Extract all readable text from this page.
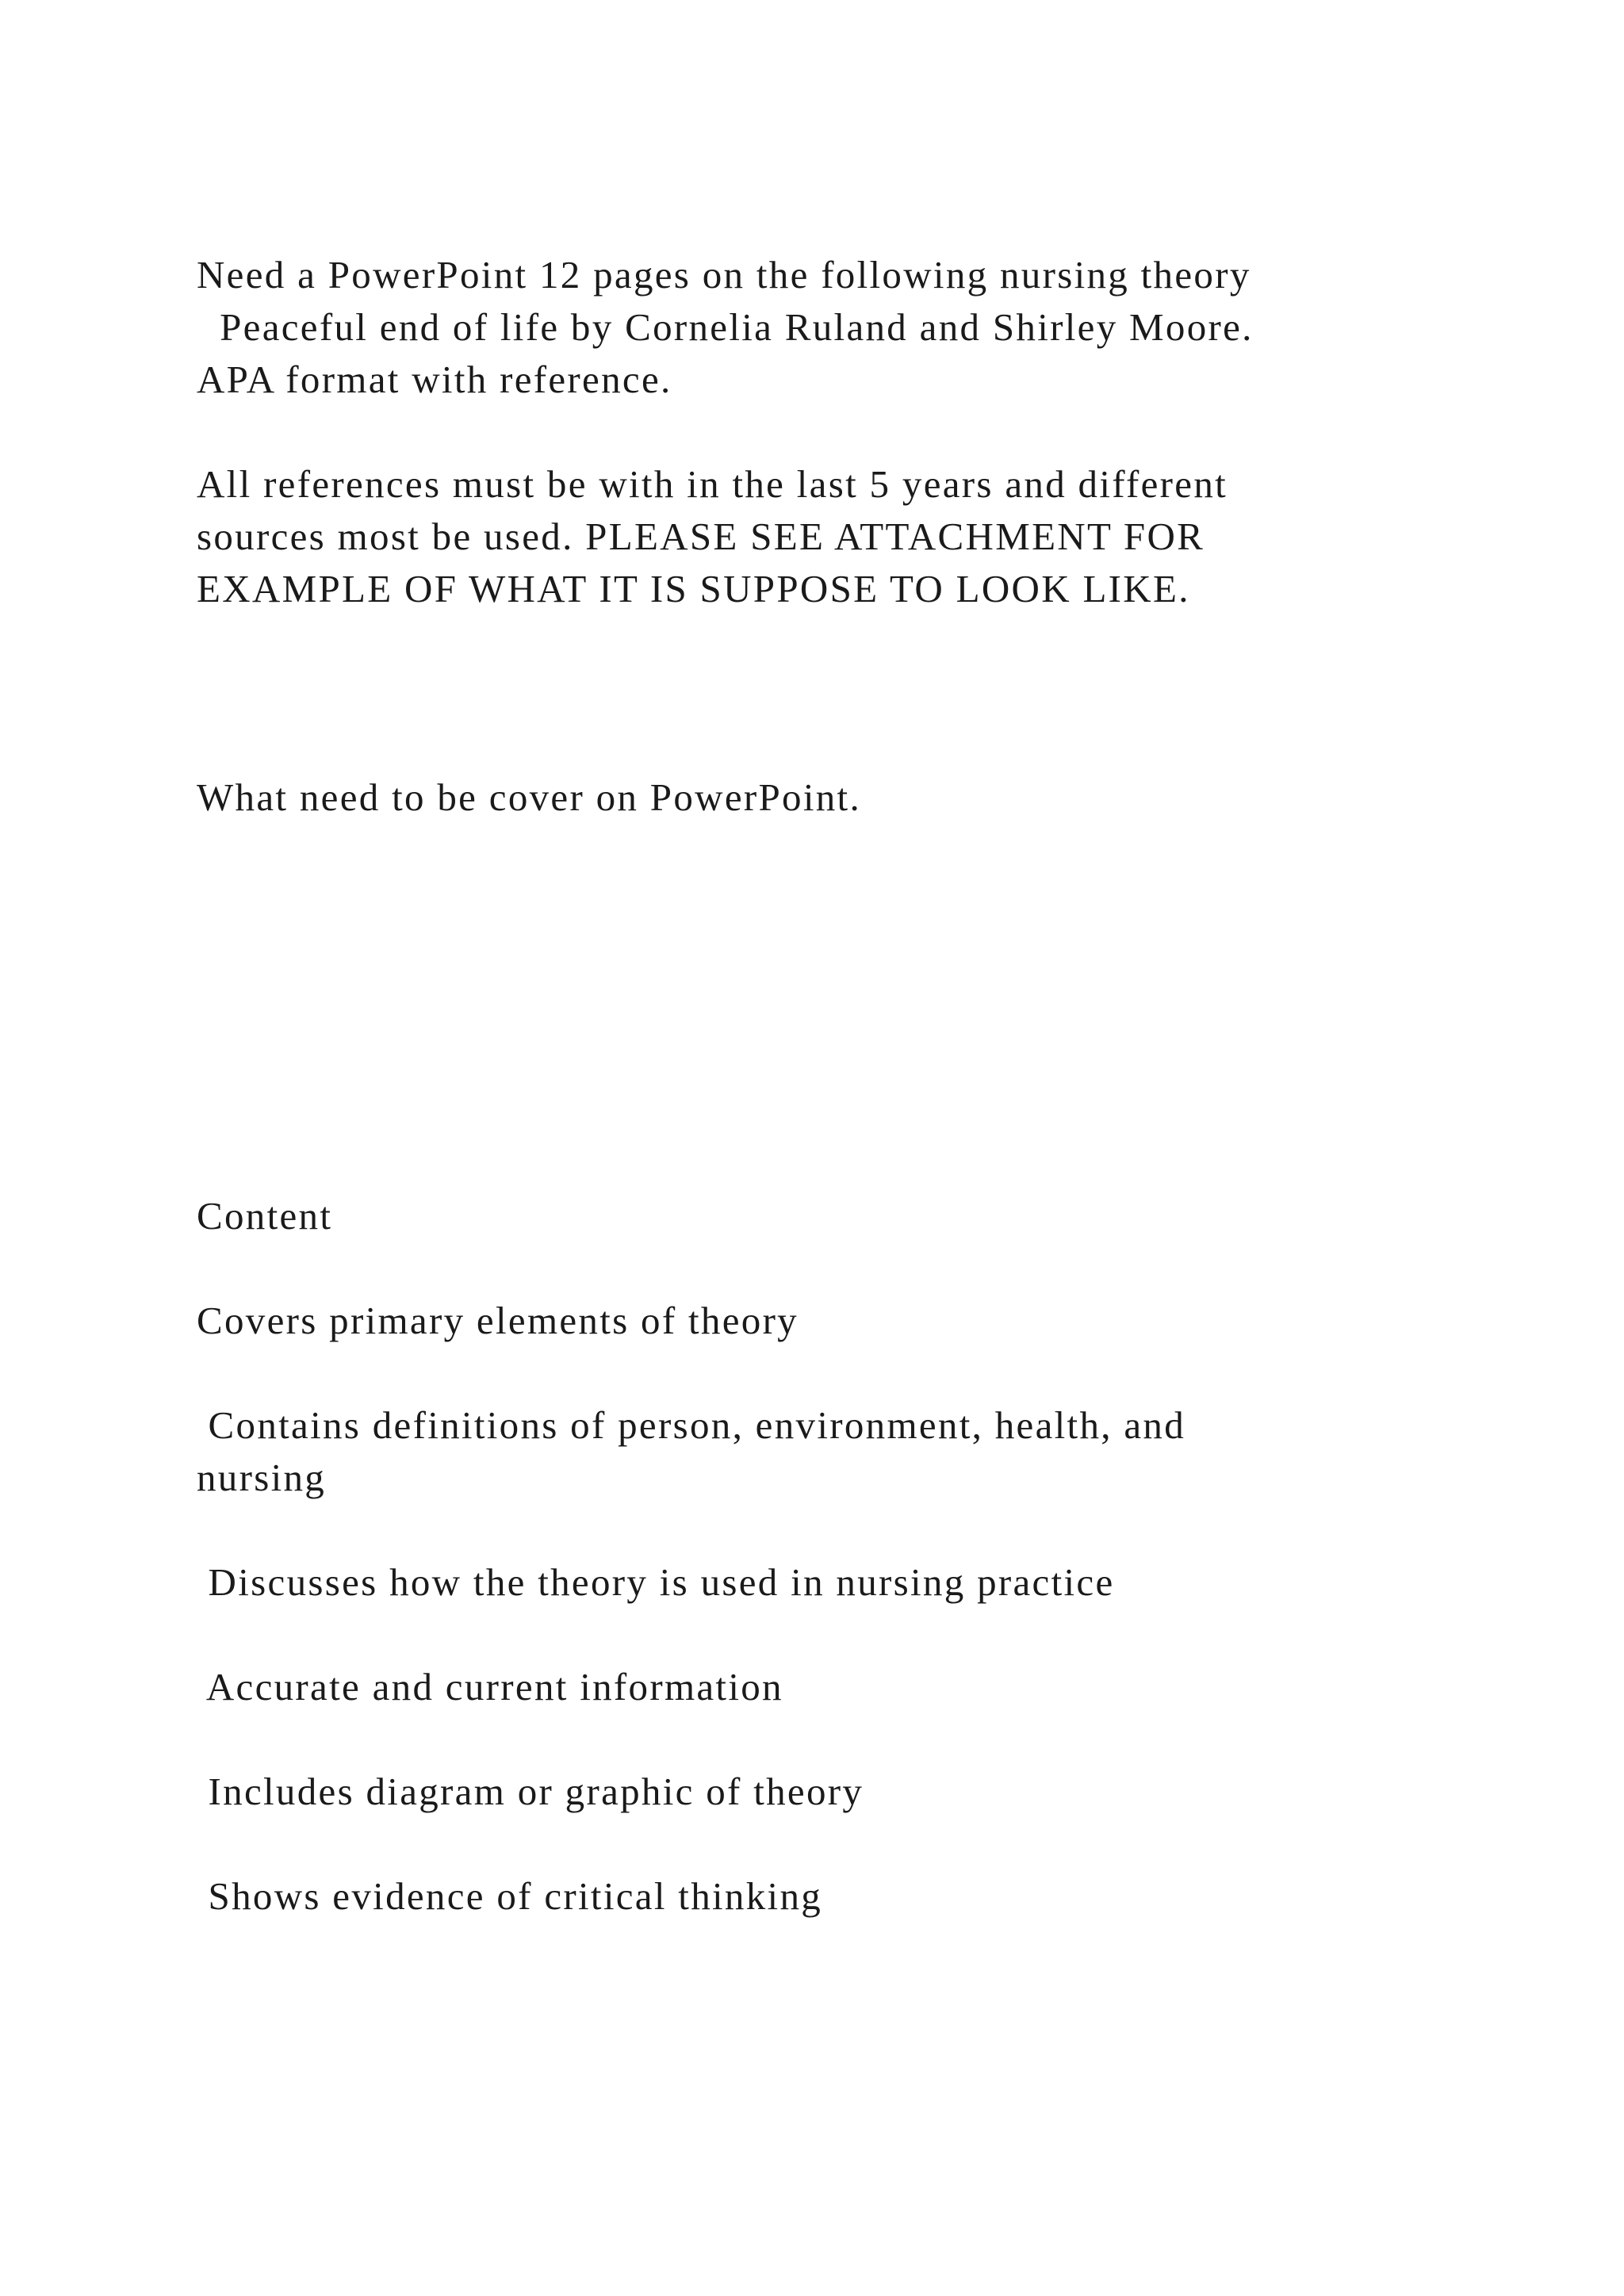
Need a PowerPoint 12 pages on the following nursing theory

Peaceful end of life by Cornelia Ruland and Shirley Moore.

APA format with reference.

All references must be with in the last 5 years and different

sources most be used. PLEASE SEE ATTACHMENT FOR

EXAMPLE OF WHAT IT IS SUPPOSE TO LOOK LIKE.

What need to be cover on PowerPoint.

Content

Covers primary elements of theory

Contains definitions of person, environment, health, and

nursing

Discusses how the theory is used in nursing practice

Accurate and current information

Includes diagram or graphic of theory

Shows evidence of critical thinking
